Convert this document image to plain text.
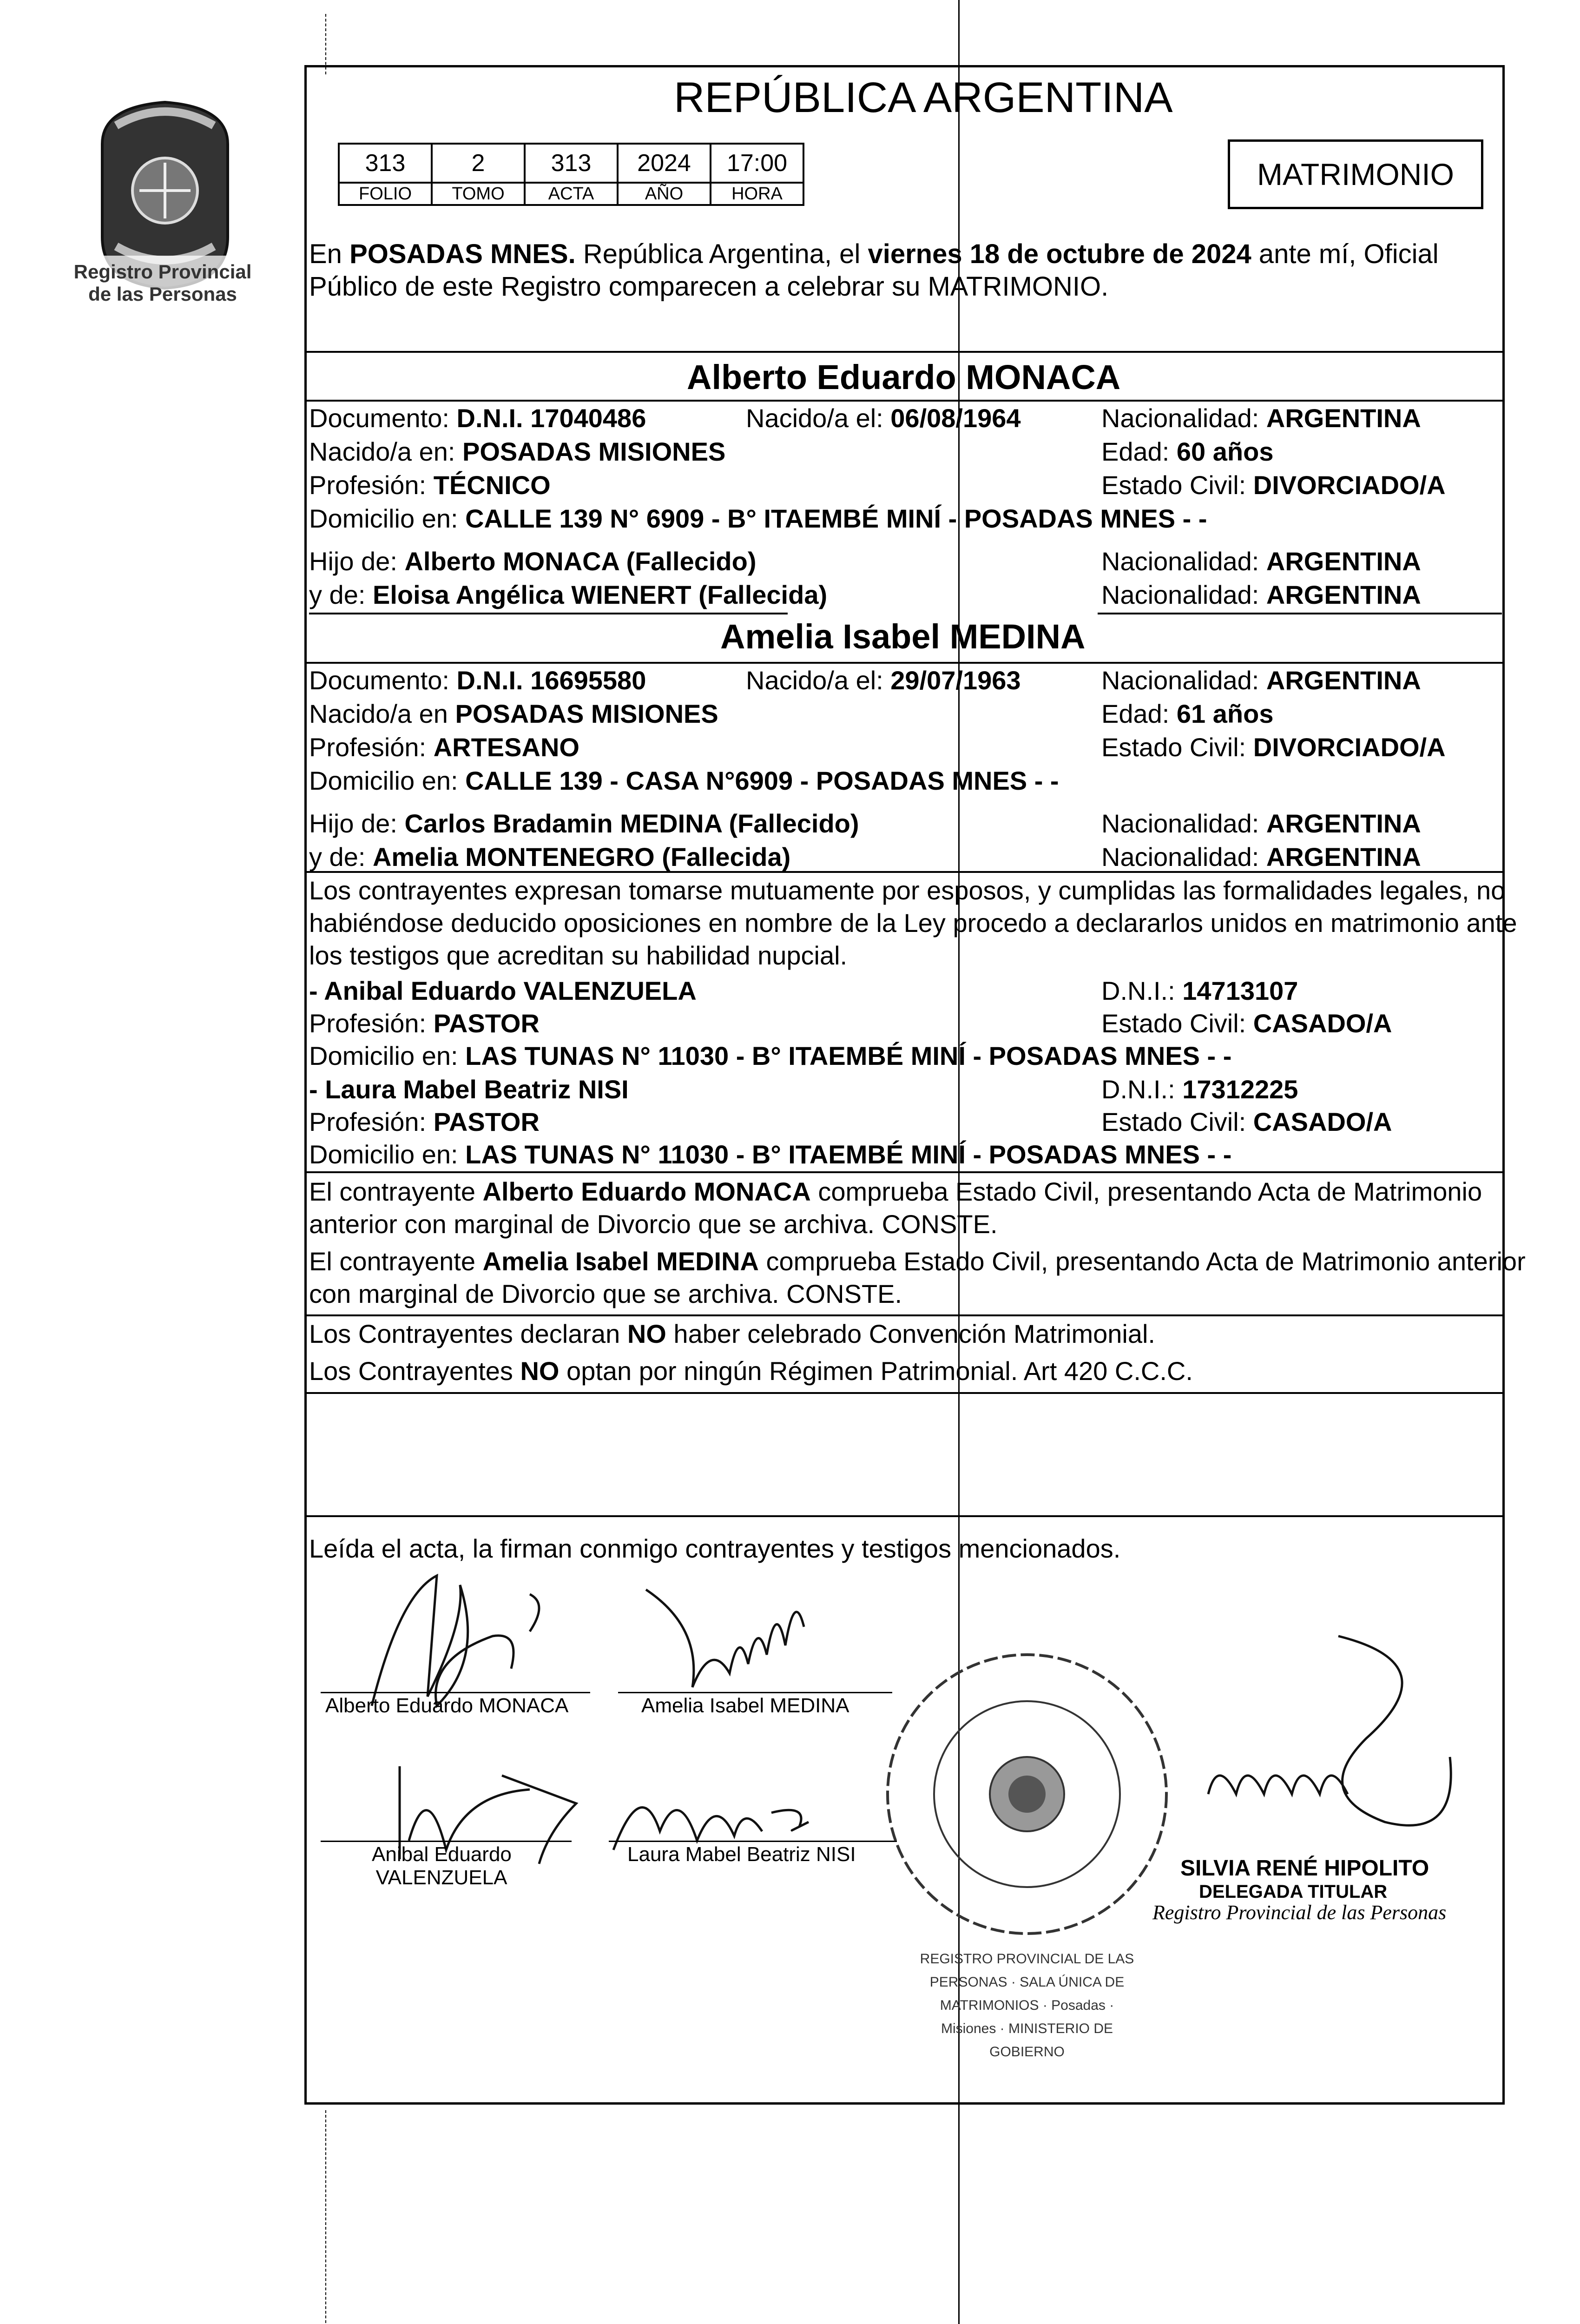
Registro Provincial
de las Personas
REPÚBLICA ARGENTINA
313	2	313	2024	17:00
FOLIO	TOMO	ACTA	AÑO	HORA
MATRIMONIO
En POSADAS MNES. República Argentina, el viernes 18 de octubre de 2024 ante mí, Oficial
Público de este Registro comparecen a celebrar su MATRIMONIO.
Alberto Eduardo MONACA
Documento: D.N.I. 17040486	Nacido/a el: 06/08/1964	Nacionalidad: ARGENTINA
Nacido/a en: POSADAS MISIONES	Edad: 60 años
Profesión: TÉCNICO	Estado Civil: DIVORCIADO/A
Domicilio en: CALLE 139 N° 6909 - B° ITAEMBÉ MINÍ - POSADAS MNES - -
Hijo de: Alberto MONACA (Fallecido)	Nacionalidad: ARGENTINA
y de: Eloisa Angélica WIENERT (Fallecida)	Nacionalidad: ARGENTINA
Amelia Isabel MEDINA
Documento: D.N.I. 16695580	Nacido/a el: 29/07/1963	Nacionalidad: ARGENTINA
Nacido/a en POSADAS MISIONES	Edad: 61 años
Profesión: ARTESANO	Estado Civil: DIVORCIADO/A
Domicilio en: CALLE 139 - CASA N°6909 - POSADAS MNES - -
Hijo de: Carlos Bradamin MEDINA (Fallecido)	Nacionalidad: ARGENTINA
y de: Amelia MONTENEGRO (Fallecida)	Nacionalidad: ARGENTINA
Los contrayentes expresan tomarse mutuamente por esposos, y cumplidas las formalidades legales, no
habiéndose deducido oposiciones en nombre de la Ley procedo a declararlos unidos en matrimonio ante
los testigos que acreditan su habilidad nupcial.
- Anibal Eduardo VALENZUELA	D.N.I.: 14713107
Profesión: PASTOR	Estado Civil: CASADO/A
Domicilio en: LAS TUNAS N° 11030 - B° ITAEMBÉ MINÍ - POSADAS MNES - -
- Laura Mabel Beatriz NISI	D.N.I.: 17312225
Profesión: PASTOR	Estado Civil: CASADO/A
Domicilio en: LAS TUNAS N° 11030 - B° ITAEMBÉ MINÍ - POSADAS MNES - -
El contrayente Alberto Eduardo MONACA comprueba Estado Civil, presentando Acta de Matrimonio
anterior con marginal de Divorcio que se archiva. CONSTE.
El contrayente Amelia Isabel MEDINA comprueba Estado Civil, presentando Acta de Matrimonio anterior
con marginal de Divorcio que se archiva. CONSTE.
Los Contrayentes declaran NO haber celebrado Convención Matrimonial.
Los Contrayentes NO optan por ningún Régimen Patrimonial. Art 420 C.C.C.
Leída el acta, la firman conmigo contrayentes y testigos mencionados.
Alberto Eduardo MONACA	Amelia Isabel MEDINA
Anibal Eduardo
VALENZUELA
Laura Mabel Beatriz NISI
REGISTRO PROVINCIAL DE LAS PERSONAS · SALA ÚNICA DE MATRIMONIOS · Posadas · Misiones · MINISTERIO DE GOBIERNO
SILVIA RENÉ HIPOLITO
DELEGADA TITULAR
Registro Provincial de las Personas
